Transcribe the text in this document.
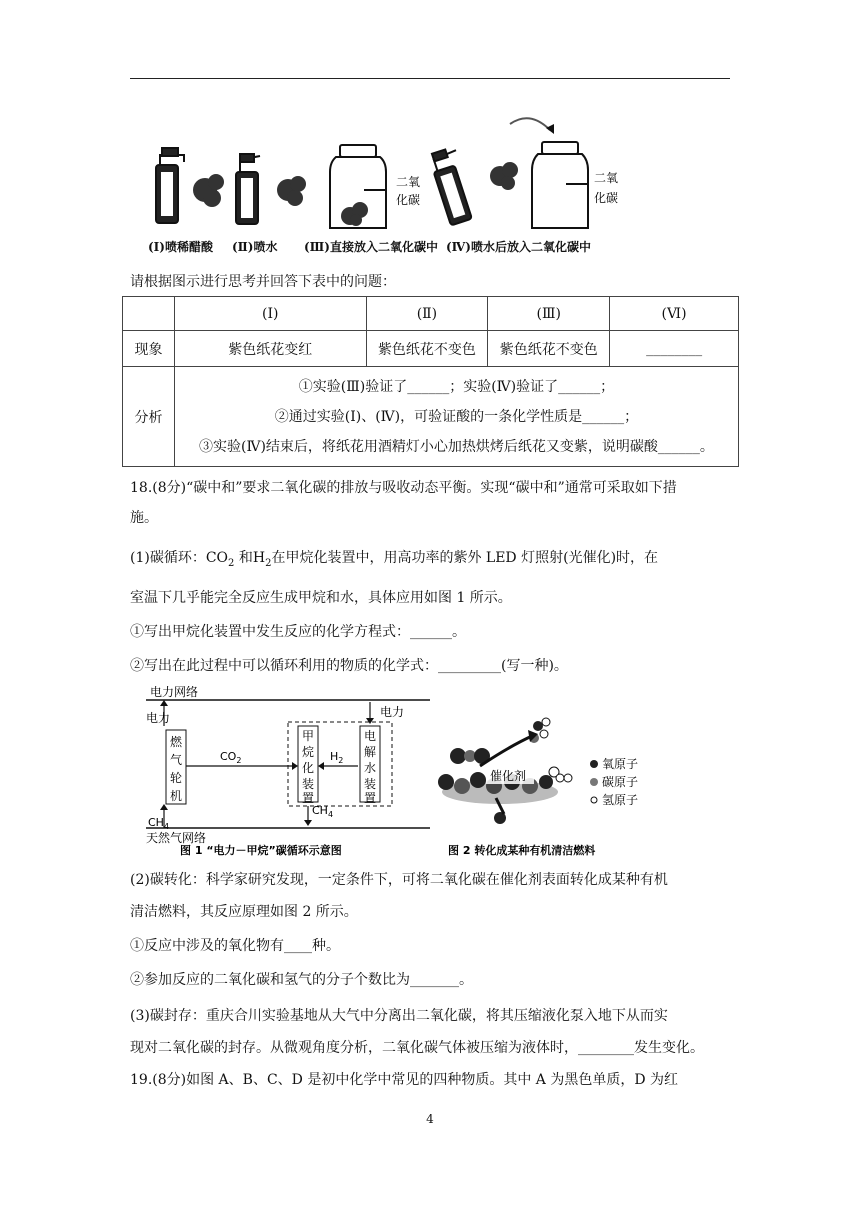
二氧
化碳
二氧
化碳
(Ⅰ)喷稀醋酸 (Ⅱ)喷水 (Ⅲ)直接放入二氧化碳中 (Ⅳ)喷水后放入二氧化碳中
请根据图示进行思考并回答下表中的问题：
	(Ⅰ)	(Ⅱ)	(Ⅲ)	(Ⅵ)
现象	紫色纸花变红	紫色纸花不变色	紫色纸花不变色	________
分析	①实验(Ⅲ)验证了______；实验(Ⅳ)验证了______；
②通过实验(Ⅰ)、(Ⅳ)，可验证酸的一条化学性质是______；
③实验(Ⅳ)结束后，将纸花用酒精灯小心加热烘烤后纸花又变紫，说明碳酸______。			
18.(8分)“碳中和”要求二氧化碳的排放与吸收动态平衡。实现“碳中和”通常可采取如下措
施。
(1)碳循环：$CO_2$ 和$H_2$在甲烷化装置中，用高功率的紫外 LED 灯照射(光催化)时，在
室温下几乎能完全反应生成甲烷和水，具体应用如图 1 所示。
①写出甲烷化装置中发生反应的化学方程式：______。
②写出在此过程中可以循环利用的物质的化学式：_________(写一种)。
电力网络
电力	电力
燃
气
轮
机
甲
烷
化
装
置
电
解
水
装
置
$CO_2$	$H_2$
$CH_4$
$CH_4$
天然气网络
图 1 “电力－甲烷”碳循环示意图
催化剂
氧原子
碳原子
氢原子
图 2 转化成某种有机清洁燃料
(2)碳转化：科学家研究发现，一定条件下，可将二氧化碳在催化剂表面转化成某种有机
清洁燃料，其反应原理如图 2 所示。
①反应中涉及的氧化物有____种。
②参加反应的二氧化碳和氢气的分子个数比为_______。
(3)碳封存：重庆合川实验基地从大气中分离出二氧化碳，将其压缩液化泵入地下从而实
现对二氧化碳的封存。从微观角度分析，二氧化碳气体被压缩为液体时，________发生变化。
19.(8分)如图 A、B、C、D 是初中化学中常见的四种物质。其中 A 为黑色单质，D 为红
4
